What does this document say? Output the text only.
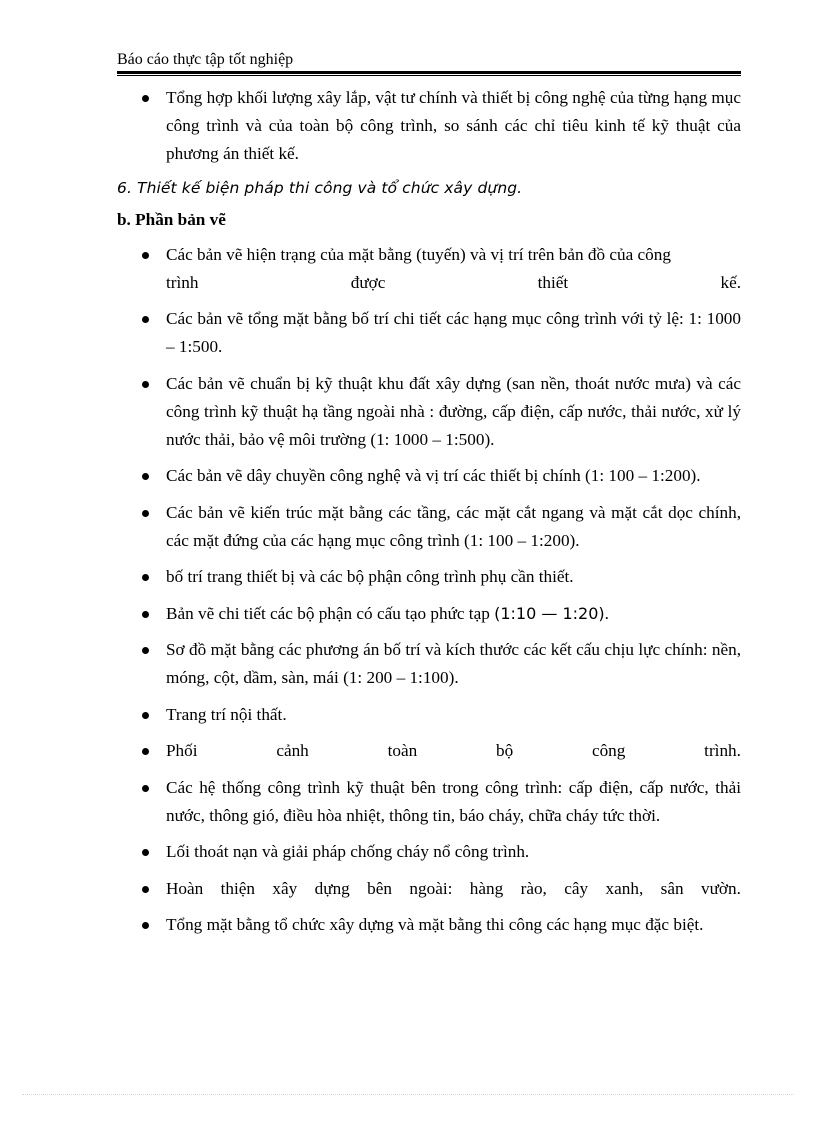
Báo cáo thực tập tốt nghiệp
Tổng hợp khối lượng xây lắp, vật tư chính và thiết bị công nghệ của từng hạng mục công trình và của toàn bộ công trình, so sánh các chỉ tiêu kinh tế kỹ thuật của phương án thiết kế.
6. Thiết kế biện pháp thi công và tổ chức xây dựng.
b. Phần bản vẽ
Các bản vẽ hiện trạng của mặt bằng (tuyến) và vị trí trên bản đồ của công
trình	được	thiết	kế.
Các bản vẽ tổng mặt bằng bố trí chi tiết các hạng mục công trình với tỷ lệ: 1: 1000 – 1:500.
Các bản vẽ chuẩn bị kỹ thuật khu đất xây dựng (san nền, thoát nước mưa) và các công trình kỹ thuật hạ tầng ngoài nhà : đường, cấp điện, cấp nước, thải nước, xử lý nước thải, bảo vệ môi trường (1: 1000 – 1:500).
Các bản vẽ dây chuyền công nghệ và vị trí các thiết bị chính (1: 100 – 1:200).
Các bản vẽ kiến trúc mặt bằng các tầng, các mặt cắt ngang và mặt cắt dọc chính, các mặt đứng của các hạng mục công trình (1: 100 – 1:200).
bố trí trang thiết bị và các bộ phận công trình phụ cần thiết.
Bản vẽ chi tiết các bộ phận có cấu tạo phức tạp (1:10 — 1:20).
Sơ đồ mặt bằng các phương án bố trí và kích thước các kết cấu chịu lực chính: nền, móng, cột, dầm, sàn, mái (1: 200 – 1:100).
Trang trí nội thất.
Phối	cảnh	toàn	bộ	công	trình.
Các hệ thống công trình kỹ thuật bên trong công trình: cấp điện, cấp nước, thải nước, thông gió, điều hòa nhiệt, thông tin, báo cháy, chữa cháy tức thời.
Lối thoát nạn và giải pháp chống cháy nổ công trình.
Hoàn thiện xây dựng bên ngoài: hàng rào, cây xanh, sân vườn.
Tổng mặt bằng tổ chức xây dựng và mặt bằng thi công các hạng mục đặc biệt.
